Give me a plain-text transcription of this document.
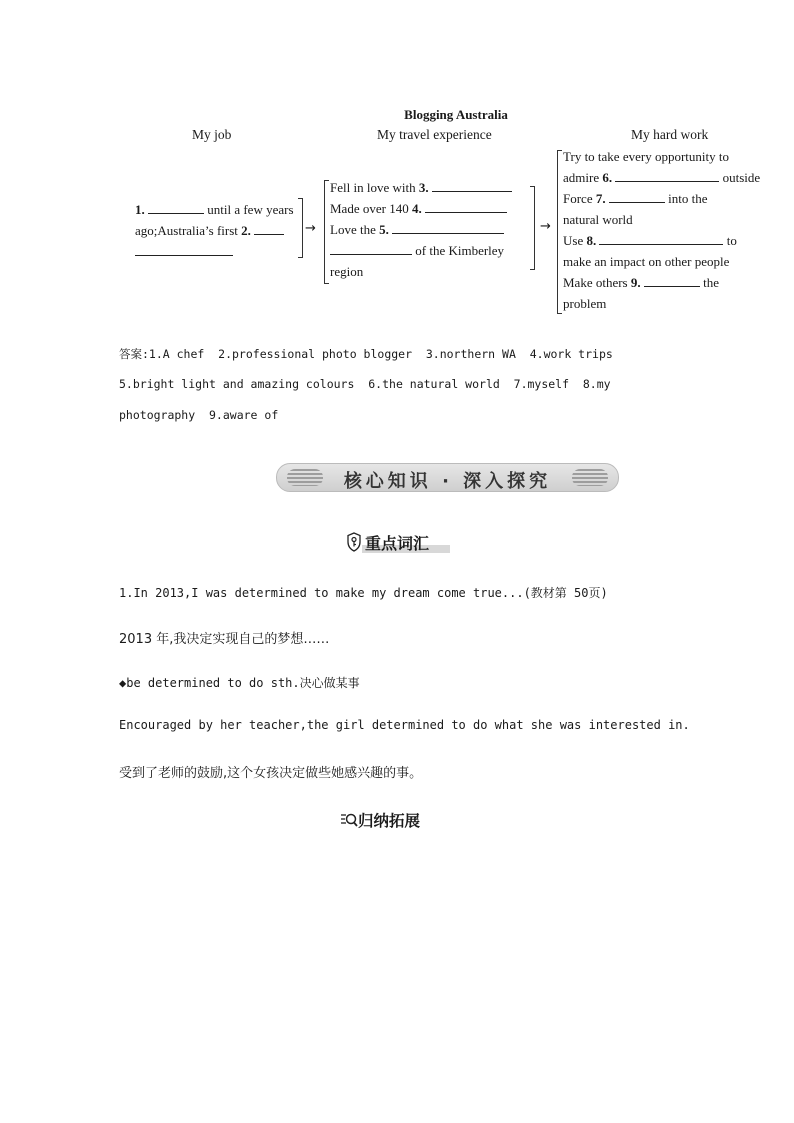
Blogging Australia
My job	My travel experience	My hard work
1.	until a few years
ago;Australia’s first 2.	→
Fell in love with 3.
Made over 140 4.
Love the 5.
of the Kimberley
region
→
Try to take every opportunity to
admire 6.	outside
Force 7.	into the
natural world
Use 8.	to
make an impact on other people
Make others 9.	the
problem
答案:1.A chef  2.professional photo blogger  3.northern WA  4.work trips
5.bright light and amazing colours  6.the natural world  7.myself  8.my
photography  9.aware of
核心知识 · 深入探究
重点词汇
1.In 2013,I was determined to make my dream come true...(教材第 50页)
2013 年,我决定实现自己的梦想……
◆be determined to do sth.决心做某事
Encouraged by her teacher,the girl determined to do what she was interested in.
受到了老师的鼓励,这个女孩决定做些她感兴趣的事。
归纳拓展
